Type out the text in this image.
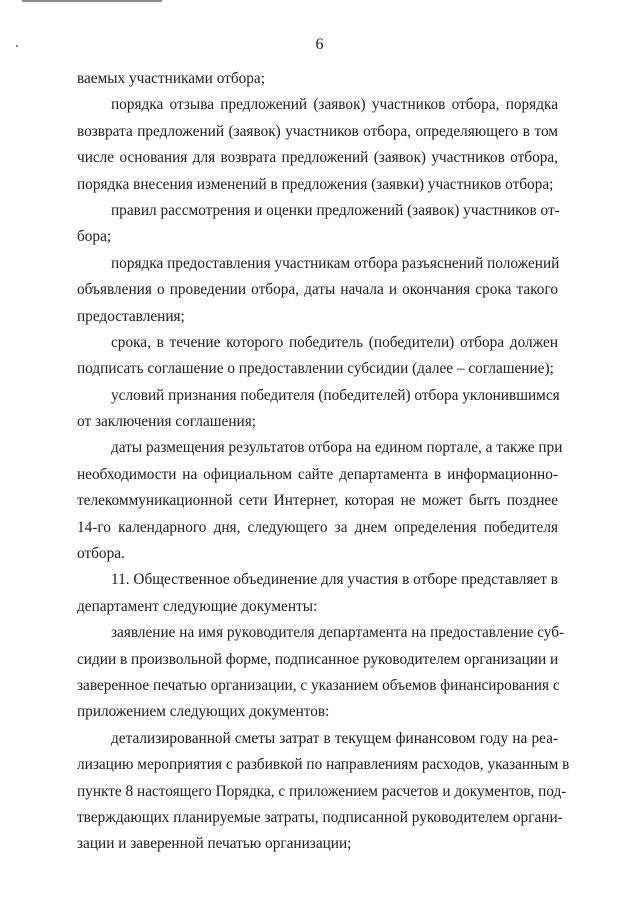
6
ваемых участниками отбора;
порядка отзыва предложений (заявок) участников отбора, порядка
возврата предложений (заявок) участников отбора, определяющего в том
числе основания для возврата предложений (заявок) участников отбора,
порядка внесения изменений в предложения (заявки) участников отбора;
правил рассмотрения и оценки предложений (заявок) участников от-
бора;
порядка предоставления участникам отбора разъяснений положений
объявления о проведении отбора, даты начала и окончания срока такого
предоставления;
срока, в течение которого победитель (победители) отбора должен
подписать соглашение о предоставлении субсидии (далее – соглашение);
условий признания победителя (победителей) отбора уклонившимся
от заключения соглашения;
даты размещения результатов отбора на едином портале, а также при
необходимости на официальном сайте департамента в информационно-
телекоммуникационной сети Интернет, которая не может быть позднее
14-го календарного дня, следующего за днем определения победителя
отбора.
11. Общественное объединение для участия в отборе представляет в
департамент следующие документы:
заявление на имя руководителя департамента на предоставление суб-
сидии в произвольной форме, подписанное руководителем организации и
заверенное печатью организации, с указанием объемов финансирования с
приложением следующих документов:
детализированной сметы затрат в текущем финансовом году на реа-
лизацию мероприятия с разбивкой по направлениям расходов, указанным в
пункте 8 настоящего Порядка, с приложением расчетов и документов, под-
тверждающих планируемые затраты, подписанной руководителем органи-
зации и заверенной печатью организации;
